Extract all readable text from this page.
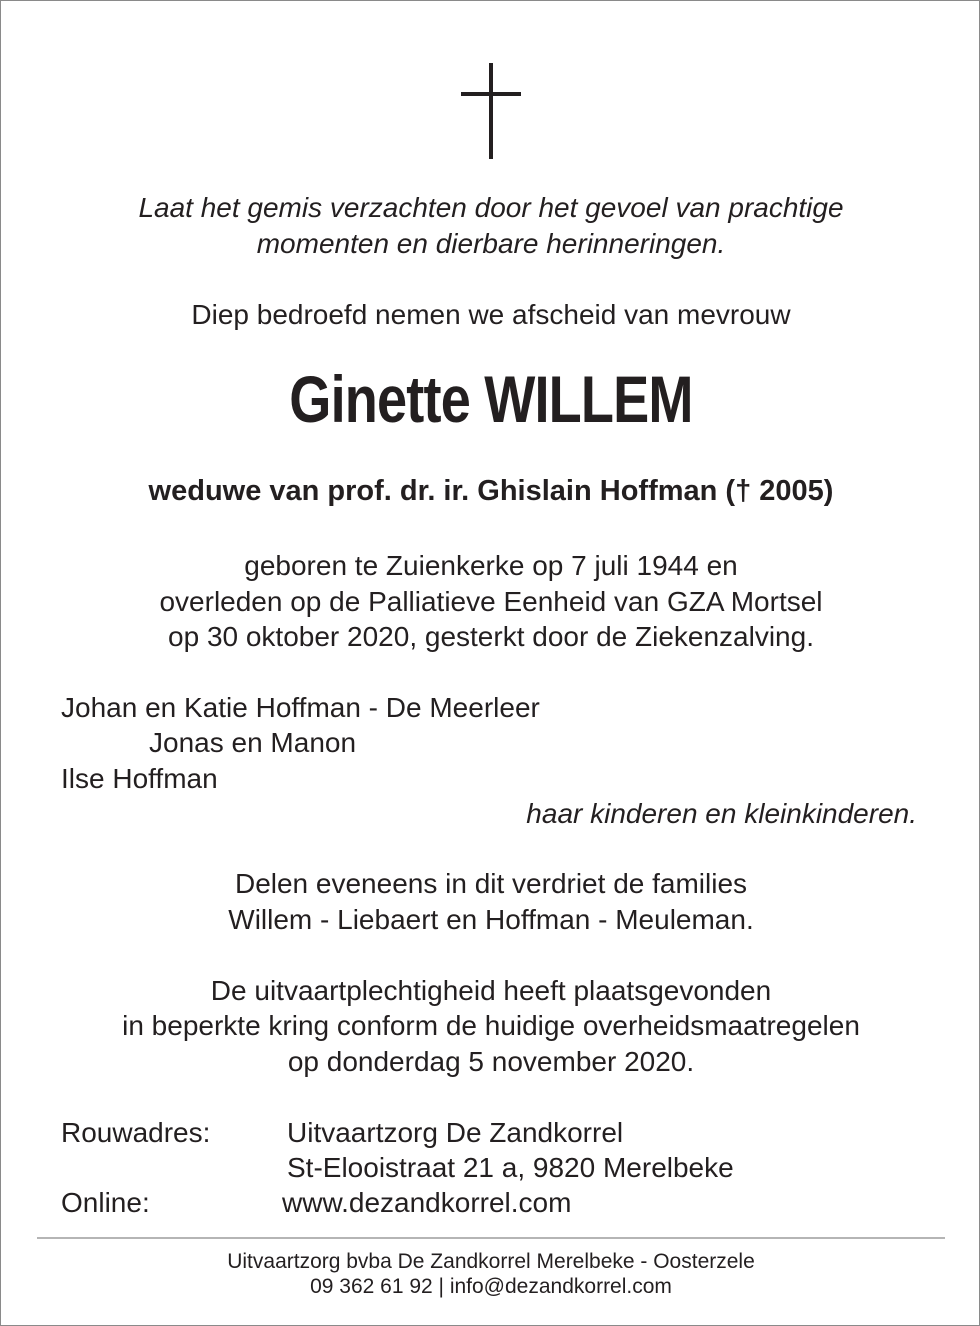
Laat het gemis verzachten door het gevoel van prachtige
momenten en dierbare herinneringen.
Diep bedroefd nemen we afscheid van mevrouw
Ginette WILLEM
weduwe van prof. dr. ir. Ghislain Hoffman († 2005)
geboren te Zuienkerke op 7 juli 1944 en
overleden op de Palliatieve Eenheid van GZA Mortsel
op 30 oktober 2020, gesterkt door de Ziekenzalving.
Johan en Katie Hoffman - De Meerleer
Jonas en Manon
Ilse Hoffman
haar kinderen en kleinkinderen.
Delen eveneens in dit verdriet de families
Willem - Liebaert en Hoffman - Meuleman.
De uitvaartplechtigheid heeft plaatsgevonden
in beperkte kring conform de huidige overheidsmaatregelen
op donderdag 5 november 2020.
Rouwadres:	Uitvaartzorg De Zandkorrel
St-Elooistraat 21 a, 9820 Merelbeke
Online:	www.dezandkorrel.com
Uitvaartzorg bvba De Zandkorrel Merelbeke - Oosterzele
09 362 61 92 | info@dezandkorrel.com
